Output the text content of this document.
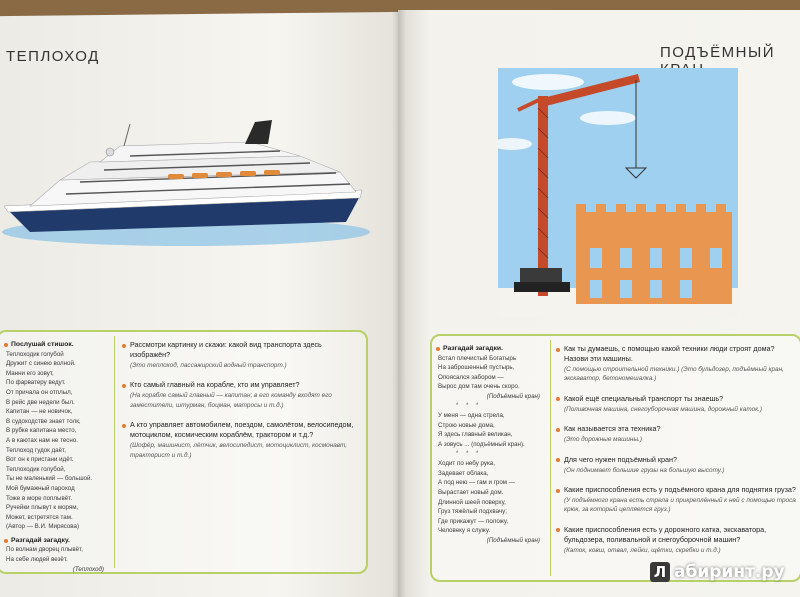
ТЕПЛОХОД	ПОДЪЁМНЫЙ
Послушай стишок.

Теплоходик голубой

Дружит с синею волной.

Манни его зовут,

По фарватеру ведут.

От причала он отплыл,

В рейс две недели был.

Капитан — не новичок,

В судоходстве знает толк,

В рубке капитана место,

А в каютах нам не тесно.

Теплоход гудок даёт,

Вот он к пристани идёт.

Теплоходик голубой,

Ты не маленький — большой.

Мой бумажный пароход

Тоже в море поплывёт.

Ручейки плывут к морям,

Может, встретятся там.

(Автор — В.И. Мирясова)

Разгадай загадку.

По волнам дворец плывёт,

На себе людей везёт.

(Теплоход)

Рассмотри картинку и скажи: какой вид транспорта здесь изображён?
(Это теплоход, пассажирский водный транспорт.)
Кто самый главный на корабле, кто им управляет?
(На корабле самый главный — капитан; в его команду входят его заместители, штурман, боцман, матросы и т.д.)
А кто управляет автомобилем, поездом, самолётом, велосипедом, мотоциклом, космическим кораблём, трактором и т.д.?
(Шофёр, машинист, лётчик, велосипедист, мотоциклист, космонавт, тракторист и т.д.)
Разгадай загадки.

Встал плечистый Богатырь

На заброшенный пустырь,

Опоясался забором —

Вырос дом там очень скоро.

(Подъёмный кран)

* * *

У меня — одна стрела,

Строю новые дома,

Я здесь главный великан,

А зовусь ... (подъёмный кран).

* * *

Ходит по небу рука,

Задевает облака,

А под нею — гам и гром —

Вырастает новый дом.

Длинной шеей поверху,

Груз тяжёлый подхвачу;

Где прикажут — положу,

Человеку я служу.

(Подъёмный кран)

Как ты думаешь, с помощью какой техники люди строят дома? Назови эти машины.
(С помощью строительной техники.) (Это бульдозер, подъёмный кран, экскаватор, бетономешалка.)
Какой ещё специальный транспорт ты знаешь?
(Поливочная машина, снегоуборочная машина, дорожный каток.)
Как называется эта техника?
(Это дорожные машины.)
Для чего нужен подъёмный кран?
(Он поднимает большие грузы на большую высоту.)
Какие приспособления есть у подъёмного крана для поднятия груза?
(У подъёмного крана есть стрела и прикреплённый к ней с помощью троса крюк, за который цепляется груз.)
Какие приспособления есть у дорожного катка, экскаватора, бульдозера, поливальной и снегоуборочной машин?
(Каток, ковш, отвал, лейки, щётки, скребки и т.д.)
Л абиринт.ру
